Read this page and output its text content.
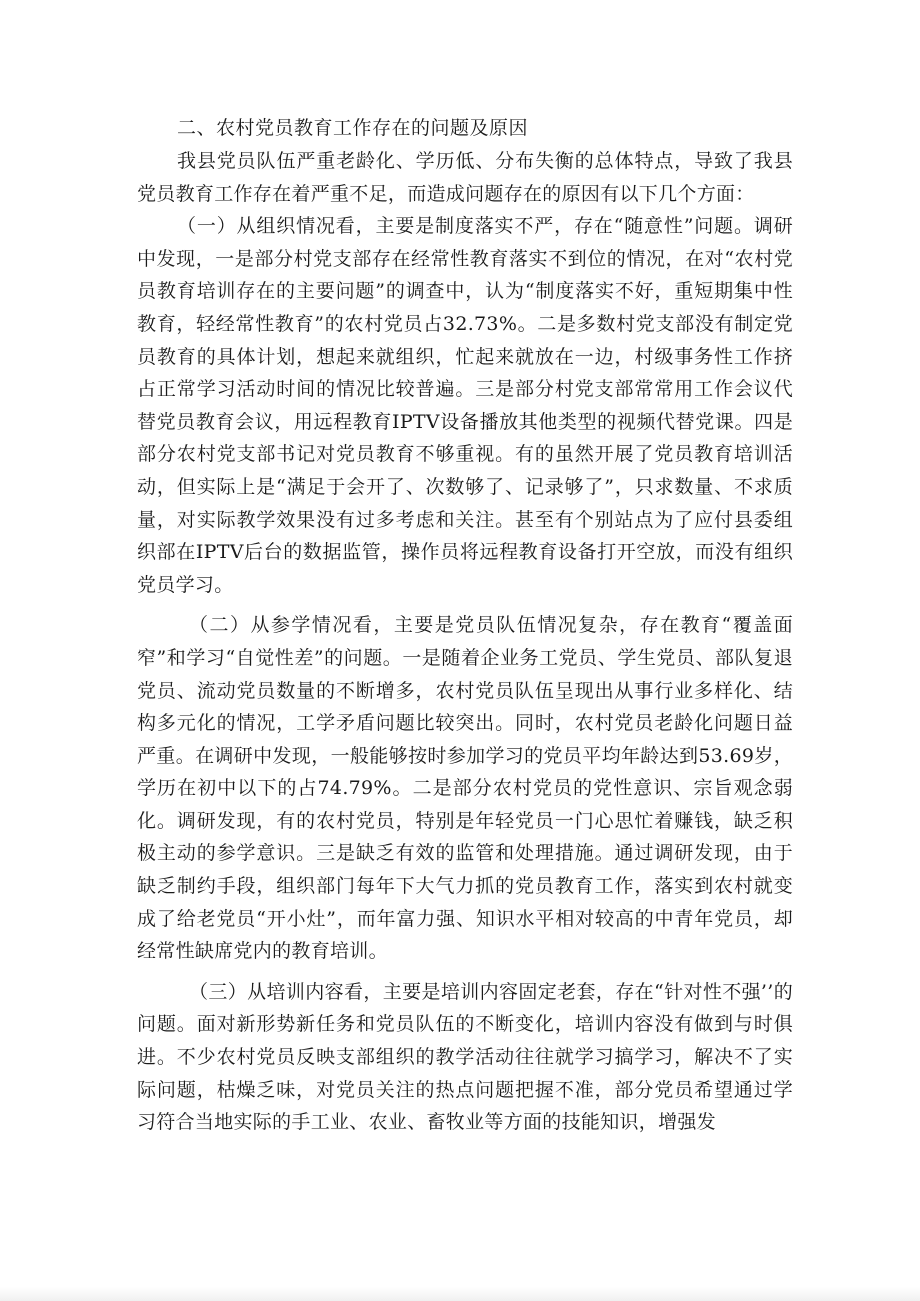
二、农村党员教育工作存在的问题及原因

我县党员队伍严重老龄化、学历低、分布失衡的总体特点，导致了我县党员教育工作存在着严重不足，而造成问题存在的原因有以下几个方面：

（一）从组织情况看，主要是制度落实不严，存在“随意性”问题。调研中发现，一是部分村党支部存在经常性教育落实不到位的情况，在对“农村党员教育培训存在的主要问题”的调查中，认为“制度落实不好，重短期集中性教育，轻经常性教育”的农村党员占32.73%。二是多数村党支部没有制定党员教育的具体计划，想起来就组织，忙起来就放在一边，村级事务性工作挤占正常学习活动时间的情况比较普遍。三是部分村党支部常常用工作会议代替党员教育会议，用远程教育IPTV设备播放其他类型的视频代替党课。四是部分农村党支部书记对党员教育不够重视。有的虽然开展了党员教育培训活动，但实际上是“满足于会开了、次数够了、记录够了”，只求数量、不求质量，对实际教学效果没有过多考虑和关注。甚至有个别站点为了应付县委组织部在IPTV后台的数据监管，操作员将远程教育设备打开空放，而没有组织党员学习。

（二）从参学情况看，主要是党员队伍情况复杂，存在教育“覆盖面窄”和学习“自觉性差”的问题。一是随着企业务工党员、学生党员、部队复退党员、流动党员数量的不断增多，农村党员队伍呈现出从事行业多样化、结构多元化的情况，工学矛盾问题比较突出。同时，农村党员老龄化问题日益严重。在调研中发现，一般能够按时参加学习的党员平均年龄达到53.69岁，学历在初中以下的占74.79%。二是部分农村党员的党性意识、宗旨观念弱化。调研发现，有的农村党员，特别是年轻党员一门心思忙着赚钱，缺乏积极主动的参学意识。三是缺乏有效的监管和处理措施。通过调研发现，由于缺乏制约手段，组织部门每年下大气力抓的党员教育工作，落实到农村就变成了给老党员“开小灶”，而年富力强、知识水平相对较高的中青年党员，却经常性缺席党内的教育培训。

（三）从培训内容看，主要是培训内容固定老套，存在“针对性不强’’的问题。面对新形势新任务和党员队伍的不断变化，培训内容没有做到与时俱进。不少农村党员反映支部组织的教学活动往往就学习搞学习，解决不了实际问题，枯燥乏味，对党员关注的热点问题把握不准，部分党员希望通过学习符合当地实际的手工业、农业、畜牧业等方面的技能知识，增强发
